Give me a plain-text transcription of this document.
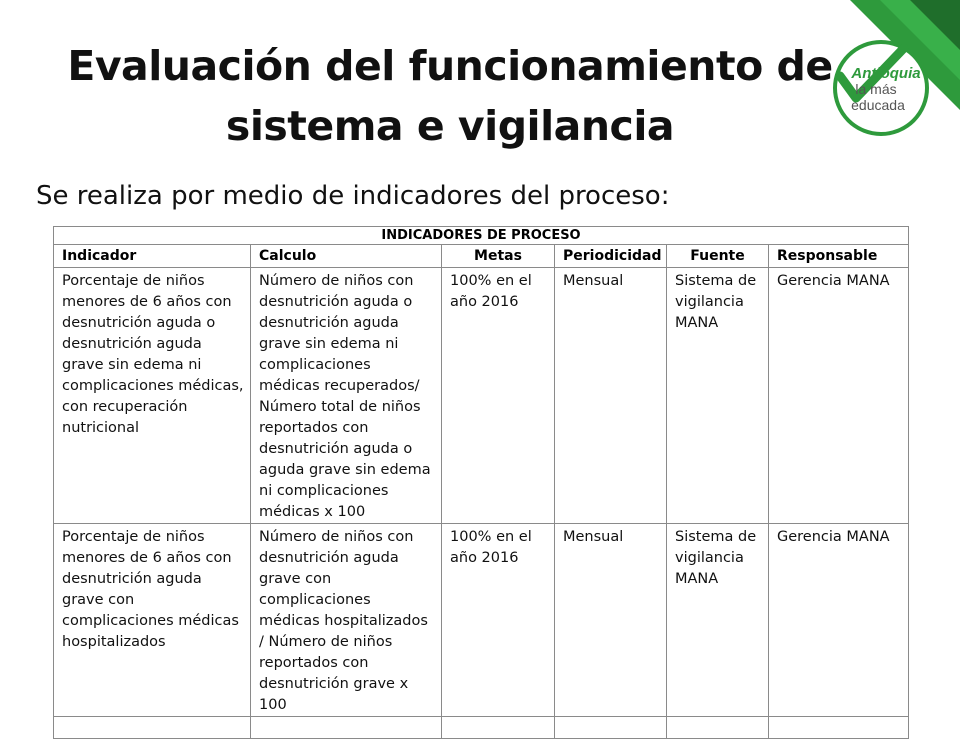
Antioquia
la más
educada
Evaluación del funcionamiento de
sistema e vigilancia
Se realiza por medio de indicadores del proceso:
INDICADORES DE PROCESO					
Indicador	Calculo	Metas	Periodicidad	Fuente	Responsable
Porcentaje de niños menores de 6 años con desnutrición aguda o desnutrición aguda grave sin edema ni complicaciones médicas, con recuperación nutricional	Número de niños con desnutrición aguda o desnutrición aguda grave sin edema ni complicaciones médicas recuperados/ Número total de niños reportados con desnutrición aguda o aguda grave sin edema ni complicaciones médicas x 100	100% en el año 2016	Mensual	Sistema de vigilancia MANA	Gerencia MANA
Porcentaje de niños menores de 6 años con desnutrición aguda grave con complicaciones médicas hospitalizados	Número de niños con desnutrición aguda grave con complicaciones médicas hospitalizados / Número de niños reportados con desnutrición grave x 100	100% en el año 2016	Mensual	Sistema de vigilancia MANA	Gerencia MANA
